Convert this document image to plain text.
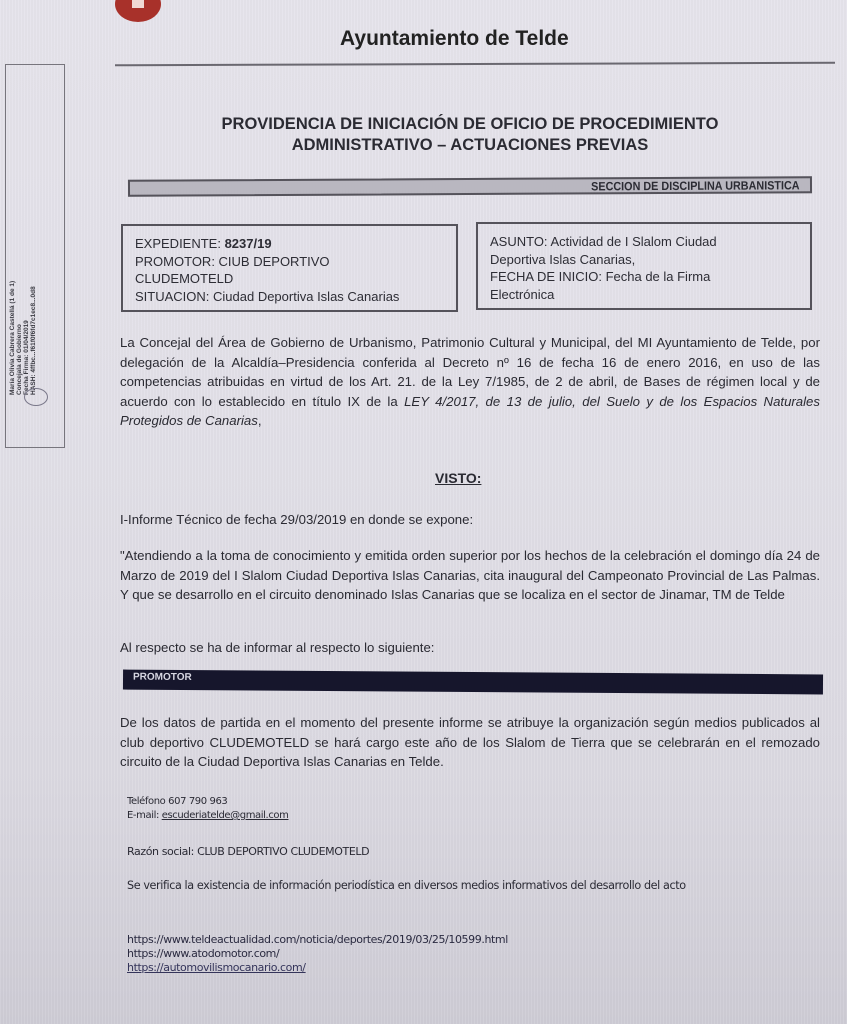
Ayuntamiento de Telde
María Olivia Cabrera Castellá (1 de 1) Concejala de Gobierno Fecha Firma: 01/04/2019 HASH: 4ffbc...f61f0f6fd7c1ec8...0d8
PROVIDENCIA DE INICIACIÓN DE OFICIO DE PROCEDIMIENTO
ADMINISTRATIVO – ACTUACIONES PREVIAS
SECCION DE DISCIPLINA URBANISTICA
EXPEDIENTE: 8237/19
PROMOTOR: CIUB DEPORTIVO
CLUDEMOTELD
SITUACION: Ciudad Deportiva Islas Canarias
ASUNTO: Actividad de I Slalom Ciudad
Deportiva Islas Canarias,
FECHA DE INICIO: Fecha de la Firma
Electrónica
La Concejal del Área de Gobierno de Urbanismo, Patrimonio Cultural y Municipal, del MI Ayuntamiento de Telde, por delegación de la Alcaldía–Presidencia conferida al Decreto nº 16 de fecha 16 de enero 2016, en uso de las competencias atribuidas en virtud de los Art. 21. de la Ley 7/1985, de 2 de abril, de Bases de régimen local y de acuerdo con lo establecido en título IX de la LEY 4/2017, de 13 de julio, del Suelo y de los Espacios Naturales Protegidos de Canarias,
VISTO:
I-Informe Técnico de fecha 29/03/2019 en donde se expone:
"Atendiendo a la toma de conocimiento y emitida orden superior por los hechos de la celebración el domingo día 24 de Marzo de 2019 del I Slalom Ciudad Deportiva Islas Canarias, cita inaugural del Campeonato Provincial de Las Palmas. Y que se desarrollo en el circuito denominado Islas Canarias que se localiza en el sector de Jinamar, TM de Telde
Al respecto se ha de informar al respecto lo siguiente:
PROMOTOR
De los datos de partida en el momento del presente informe se atribuye la organización según medios publicados al club deportivo CLUDEMOTELD se hará cargo este año de los Slalom de Tierra que se celebrarán en el remozado circuito de la Ciudad Deportiva Islas Canarias en Telde.
Teléfono 607 790 963
E-mail: escuderiatelde@gmail.com
Razón social: CLUB DEPORTIVO CLUDEMOTELD
Se verifica la existencia de información periodística en diversos medios informativos del desarrollo del acto
https://www.teldeactualidad.com/noticia/deportes/2019/03/25/10599.html
https://www.atodomotor.com/
https://automovilismocanario.com/
